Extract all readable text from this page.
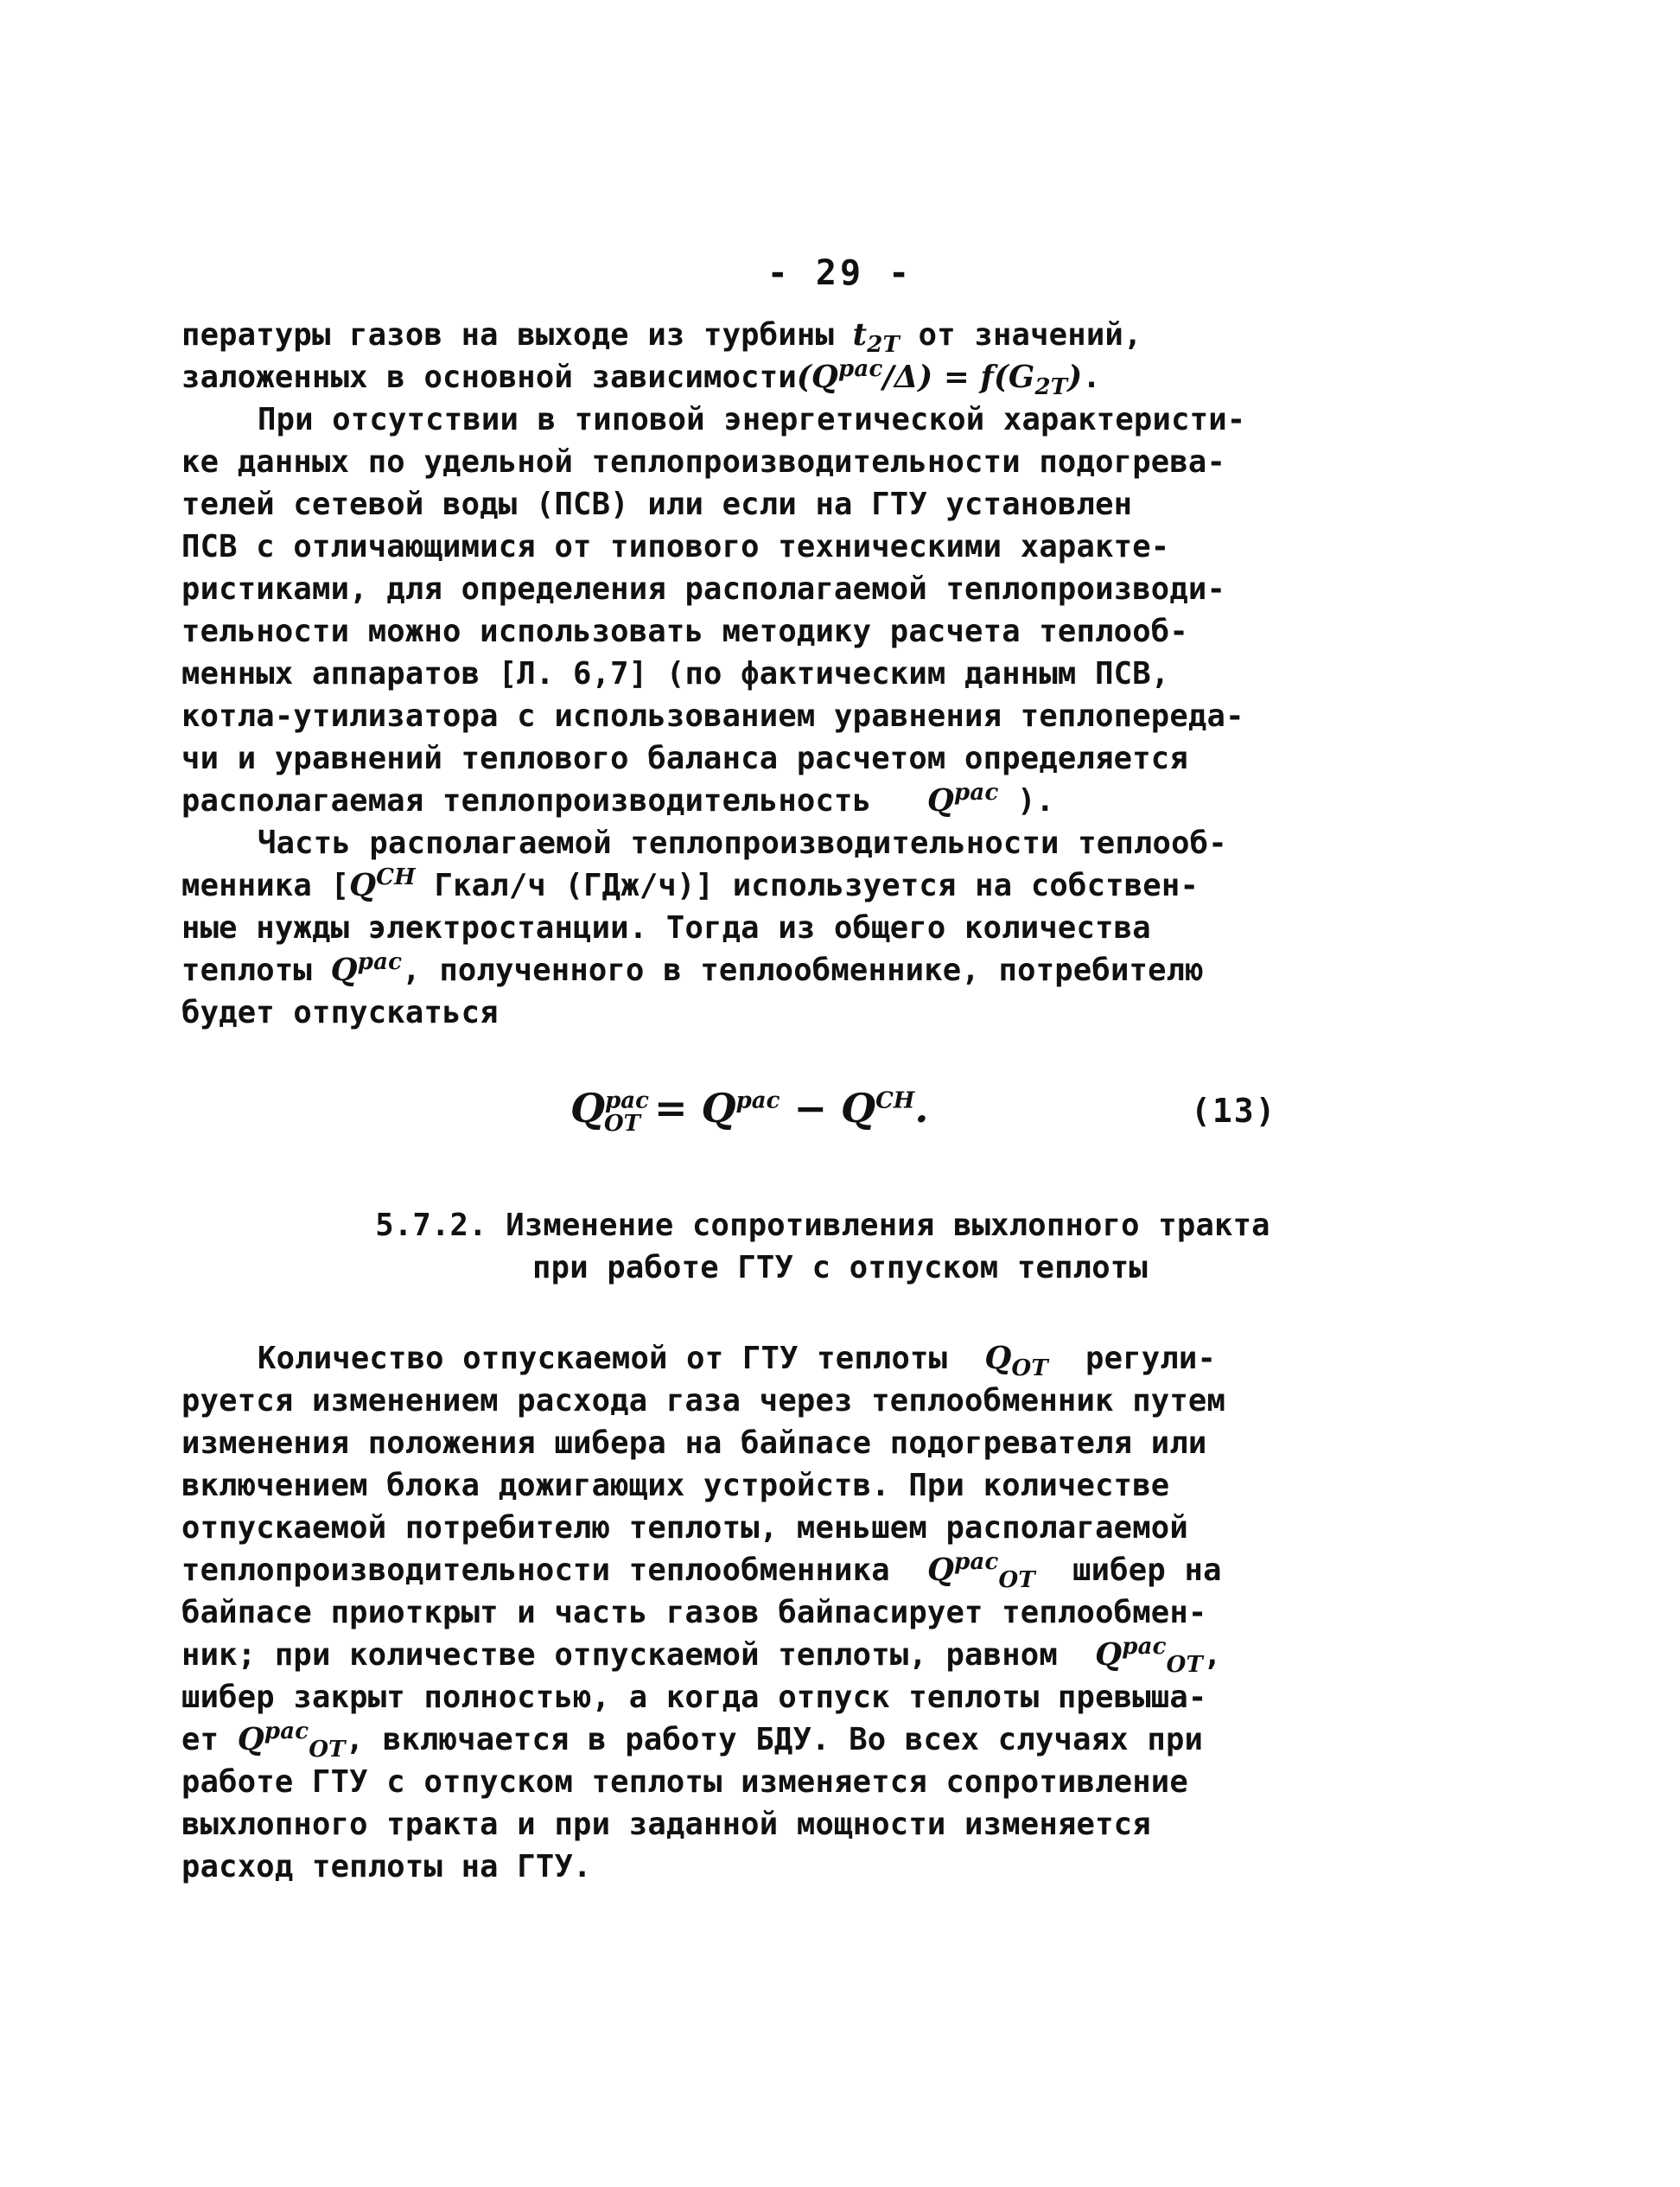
- 29 -
пературы газов на выходе из турбины $t_{2T}$ от значений,
заложенных в основной $зависимости(Q^{рас}/\Delta) = f(G_{2T})$.
При отсутствии в типовой энергетической характеристи-
ке данных по удельной теплопроизводительности подогрева-
телей сетевой воды (ПСВ) или если на ГТУ установлен
ПСВ с отличающимися от типового техническими характе-
ристиками, для определения располагаемой теплопроизводи-
тельности можно использовать методику расчета теплооб-
менных аппаратов [Л. 6,7] (по фактическим данным ПСВ,
котла-утилизатора с использованием уравнения теплопереда-
чи и уравнений теплового баланса расчетом определяется
располагаемая теплопроизводительность $Q^{рас}$ ).
Часть располагаемой теплопроизводительности теплооб-
менника [$Q^{СН}$ Гкал/ч (ГДж/ч)] используется на собствен-
ные нужды электростанции. Тогда из общего количества
теплоты $Q^{рас}$, полученного в теплообменнике, потребителю
будет отпускаться
$Q^{рас}_{ОТ} = Q^{рас} - Q^{СН}$.	(13)
5.7.2. Изменение сопротивления выхлопного тракта
при работе ГТУ с отпуском теплоты
Количество отпускаемой от ГТУ теплоты $Q_{ОТ}$ регули-
руется изменением расхода газа через теплообменник путем
изменения положения шибера на байпасе подогревателя или
включением блока дожигающих устройств. При количестве
отпускаемой потребителю теплоты, меньшем располагаемой
теплопроизводительности теплообменника $Q^{рас}_{ОТ}$ шибер на
байпасе приоткрыт и часть газов байпасирует теплообмен-
ник; при количестве отпускаемой теплоты, равном $Q^{рас}_{ОТ}$,
шибер закрыт полностью, а когда отпуск теплоты превыша-
ет $Q^{рас}_{ОТ}$, включается в работу БДУ. Во всех случаях при
работе ГТУ с отпуском теплоты изменяется сопротивление
выхлопного тракта и при заданной мощности изменяется
расход теплоты на ГТУ.
